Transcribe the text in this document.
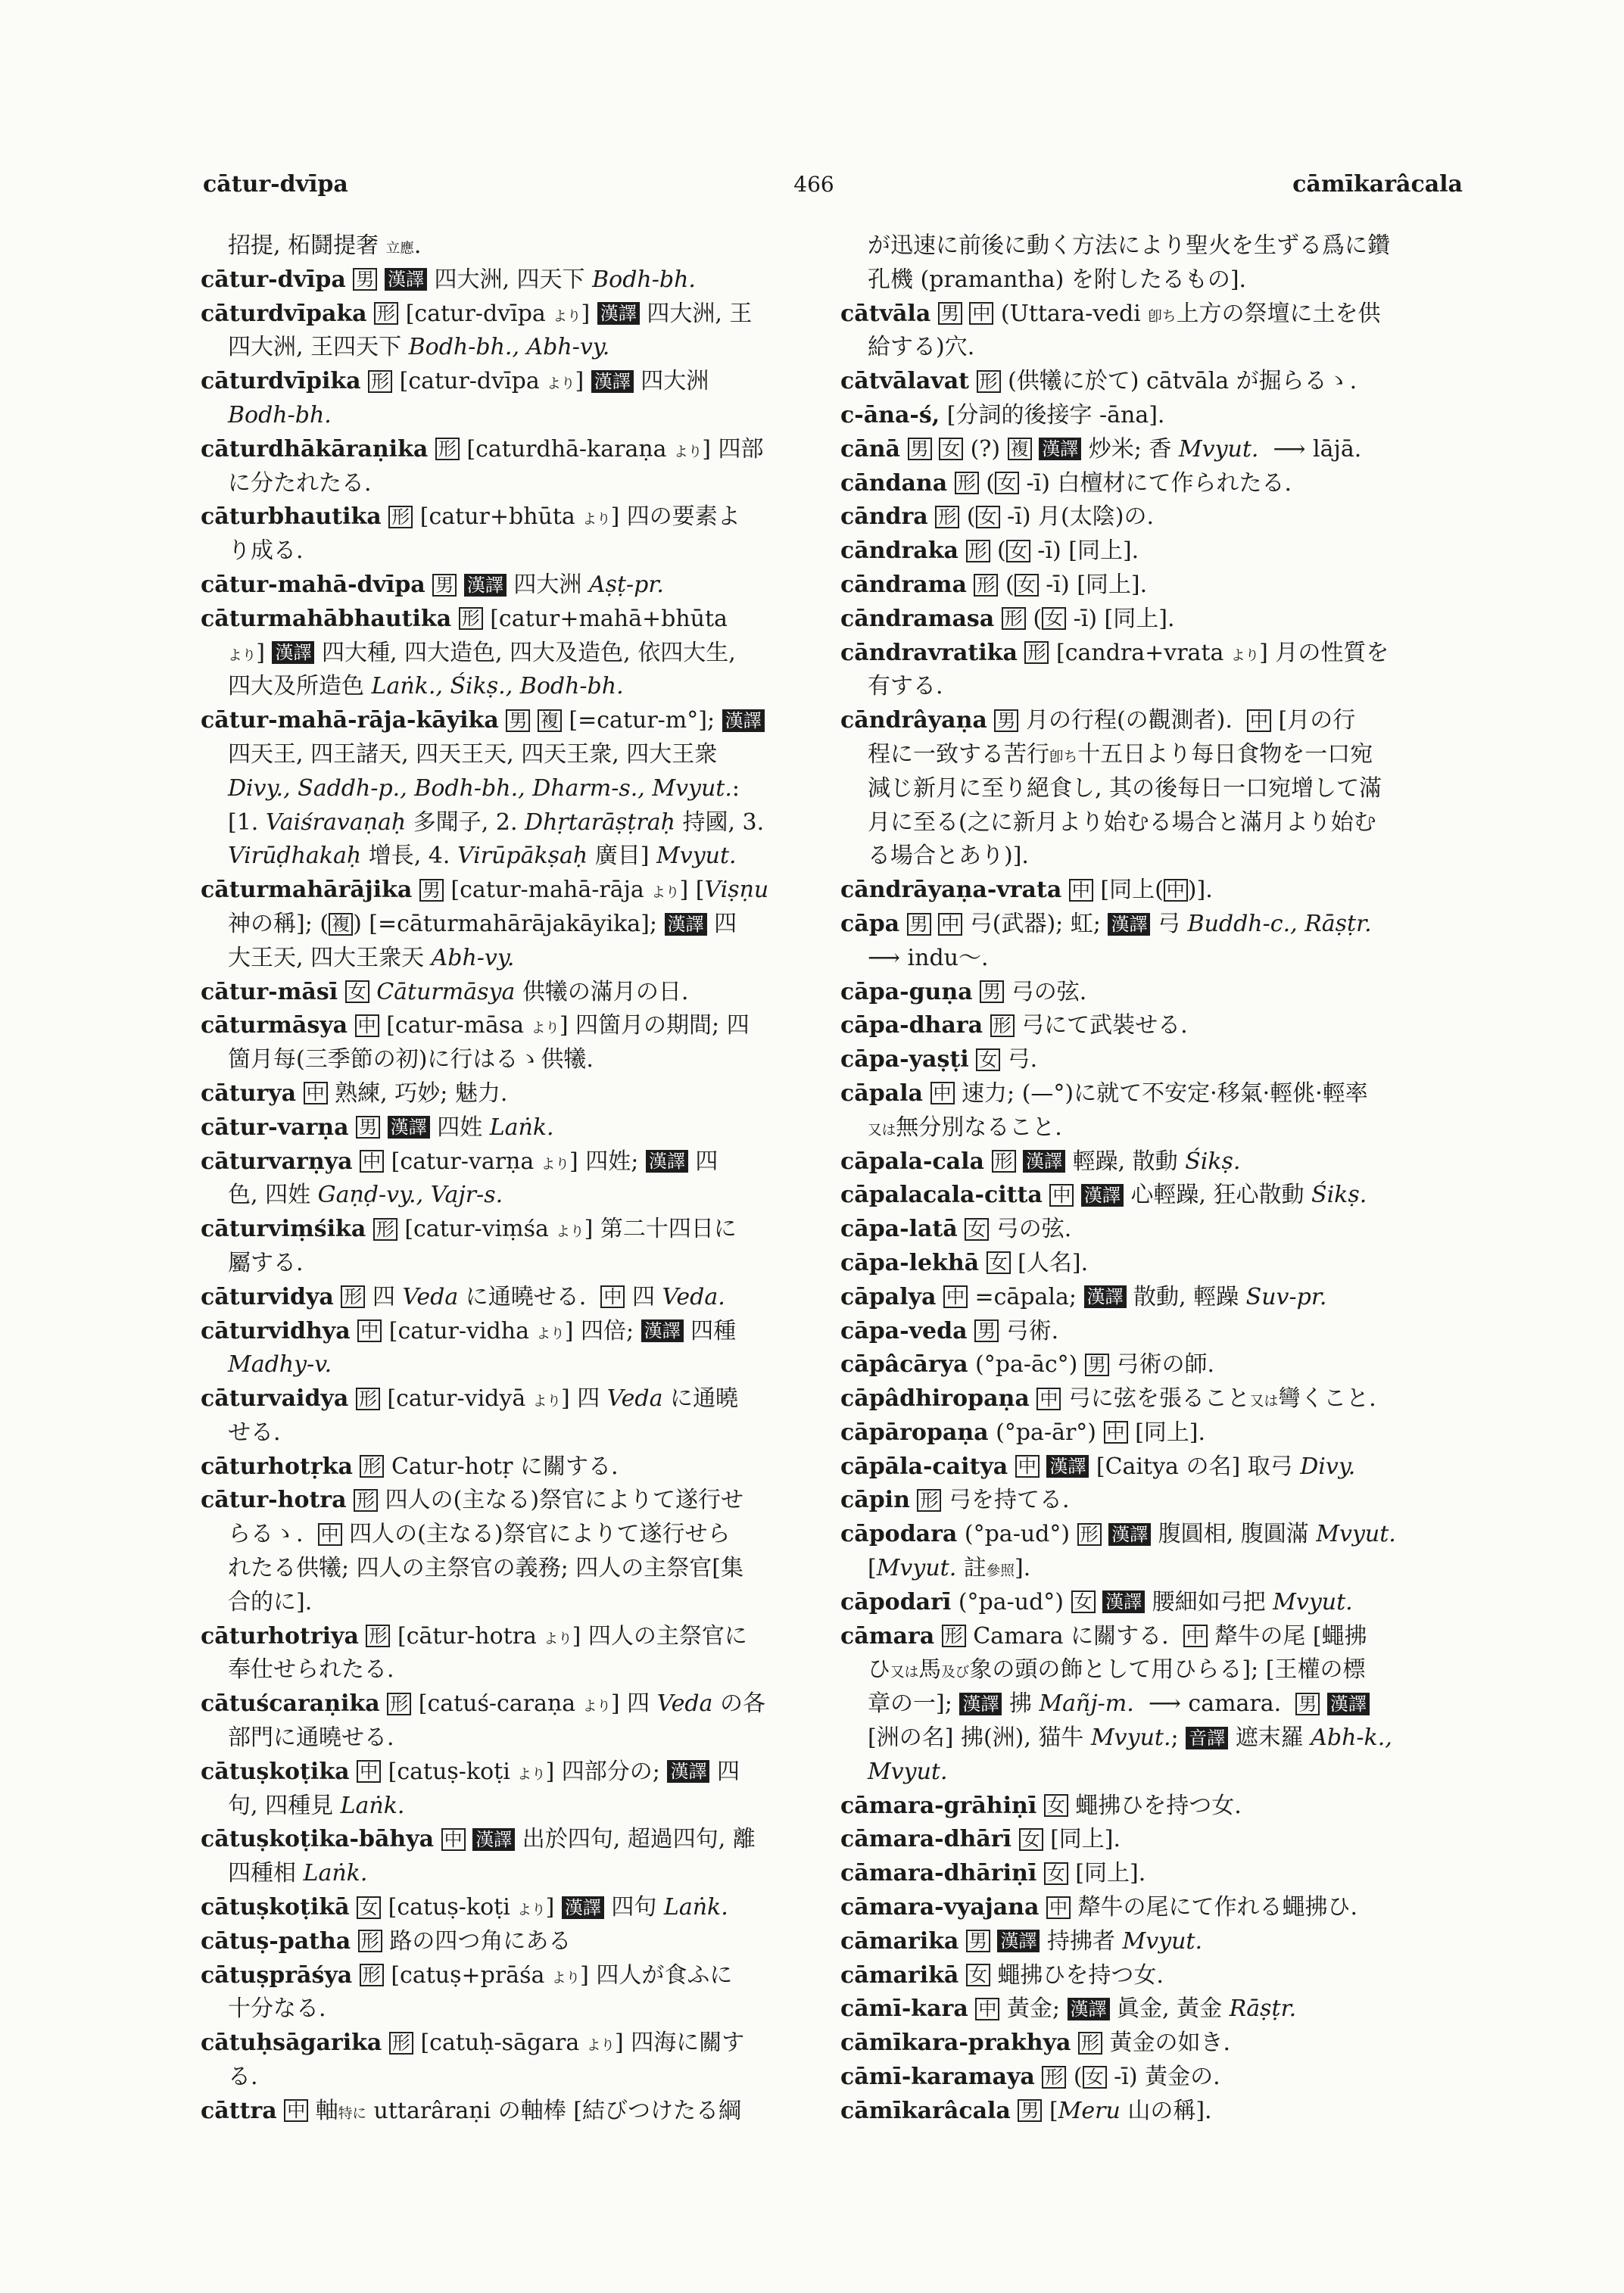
cātur-dvīpa	466	cāmīkarâcala
招提, 柘鬪提奢 立應.
cātur-dvīpa 男 漢譯 四大洲, 四天下 Bodh-bh.
cāturdvīpaka 形 [catur-dvīpa より] 漢譯 四大洲, 王
四大洲, 王四天下 Bodh-bh., Abh-vy.
cāturdvīpika 形 [catur-dvīpa より] 漢譯 四大洲
Bodh-bh.
cāturdhākāraṇika 形 [caturdhā-karaṇa より] 四部
に分たれたる.
cāturbhautika 形 [catur+bhūta より] 四の要素よ
り成る.
cātur-mahā-dvīpa 男 漢譯 四大洲 Aṣṭ-pr.
cāturmahābhautika 形 [catur+mahā+bhūta
より] 漢譯 四大種, 四大造色, 四大及造色, 依四大生,
四大及所造色 Laṅk., Śikṣ., Bodh-bh.
cātur-mahā-rāja-kāyika 男 複 [=catur-m°]; 漢譯
四天王, 四王諸天, 四天王天, 四天王衆, 四大王衆
Divy., Saddh-p., Bodh-bh., Dharm-s., Mvyut.:
[1. Vaiśravaṇaḥ 多聞子, 2. Dhṛtarāṣṭraḥ 持國, 3.
Virūḍhakaḥ 增長, 4. Virūpākṣaḥ 廣目] Mvyut.
cāturmahārājika 男 [catur-mahā-rāja より] [Viṣṇu
神の稱]; ( 複 ) [=cāturmahārājakāyika]; 漢譯 四
大王天, 四大王衆天 Abh-vy.
cātur-māsī 女 Cāturmāsya 供犧の滿月の日.
cāturmāsya 中 [catur-māsa より] 四箇月の期間; 四
箇月每(三季節の初)に行はるゝ供犧.
cāturya 中 熟練, 巧妙; 魅力.
cātur-varṇa 男 漢譯 四姓 Laṅk.
cāturvarṇya 中 [catur-varṇa より] 四姓; 漢譯 四
色, 四姓 Gaṇḍ-vy., Vajr-s.
cāturviṃśika 形 [catur-viṃśa より] 第二十四日に
屬する.
cāturvidya 形 四 Veda に通曉せる.  中 四 Veda.
cāturvidhya 中 [catur-vidha より] 四倍; 漢譯 四種
Madhy-v.
cāturvaidya 形 [catur-vidyā より] 四 Veda に通曉
せる.
cāturhotṛka 形 Catur-hotṛ に關する.
cātur-hotra 形 四人の(主なる)祭官によりて遂行せ
らるゝ.  中 四人の(主なる)祭官によりて遂行せら
れたる供犧; 四人の主祭官の義務; 四人の主祭官[集
合的に].
cāturhotriya 形 [cātur-hotra より] 四人の主祭官に
奉仕せられたる.
cātuścaraṇika 形 [catuś-caraṇa より] 四 Veda の各
部門に通曉せる.
cātuṣkoṭika 中 [catuṣ-koṭi より] 四部分の; 漢譯 四
句, 四種見 Laṅk.
cātuṣkoṭika-bāhya 中 漢譯 出於四句, 超過四句, 離
四種相 Laṅk.
cātuṣkoṭikā 女 [catuṣ-koṭi より] 漢譯 四句 Laṅk.
cātuṣ-patha 形 路の四つ角にある
cātuṣprāśya 形 [catuṣ+prāśa より] 四人が食ふに
十分なる.
cātuḥsāgarika 形 [catuḥ-sāgara より] 四海に關す
る.
cāttra 中 軸特に uttarâraṇi の軸棒 [結びつけたる綱
が迅速に前後に動く方法により聖火を生ずる爲に鑽
孔機 (pramantha) を附したるもの].
cātvāla 男 中 (Uttara-vedi 卽ち上方の祭壇に土を供
給する)穴.
cātvālavat 形 (供犧に於て) cātvāla が掘らるゝ.
c-āna-ś, [分詞的後接字 -āna].
cānā 男 女 (?) 複 漢譯 炒米; 香 Mvyut.  ⟶ lājā.
cāndana 形 ( 女 -ī) 白檀材にて作られたる.
cāndra 形 ( 女 -ī) 月(太陰)の.
cāndraka 形 ( 女 -ī) [同上].
cāndrama 形 ( 女 -ī) [同上].
cāndramasa 形 ( 女 -ī) [同上].
cāndravratika 形 [candra+vrata より] 月の性質を
有する.
cāndrâyaṇa 男 月の行程(の觀測者).  中 [月の行
程に一致する苦行卽ち十五日より每日食物を一口宛
減じ新月に至り絕食し, 其の後每日一口宛增して滿
月に至る(之に新月より始むる場合と滿月より始む
る場合とあり)].
cāndrāyaṇa-vrata 中 [同上( 中 )].
cāpa 男 中 弓(武器); 虹; 漢譯 弓 Buddh-c., Rāṣṭr.
⟶ indu〜.
cāpa-guṇa 男 弓の弦.
cāpa-dhara 形 弓にて武裝せる.
cāpa-yaṣṭi 女 弓.
cāpala 中 速力; (—°)に就て不安定·移氣·輕佻·輕率
又は無分別なること.
cāpala-cala 形 漢譯 輕躁, 散動 Śikṣ.
cāpalacala-citta 中 漢譯 心輕躁, 狂心散動 Śikṣ.
cāpa-latā 女 弓の弦.
cāpa-lekhā 女 [人名].
cāpalya 中 =cāpala; 漢譯 散動, 輕躁 Suv-pr.
cāpa-veda 男 弓術.
cāpâcārya (°pa-āc°) 男 弓術の師.
cāpâdhiropaṇa 中 弓に弦を張ること又は彎くこと.
cāpāropaṇa (°pa-ār°) 中 [同上].
cāpāla-caitya 中 漢譯 [Caitya の名] 取弓 Divy.
cāpin 形 弓を持てる.
cāpodara (°pa-ud°) 形 漢譯 腹圓相, 腹圓滿 Mvyut.
[Mvyut. 註參照].
cāpodarī (°pa-ud°) 女 漢譯 腰細如弓把 Mvyut.
cāmara 形 Camara に關する.  中 犛牛の尾 [蠅拂
ひ又は馬及び象の頭の飾として用ひらる]; [王權の標
章の一]; 漢譯 拂 Mañj-m.  ⟶ camara.  男 漢譯
[洲の名] 拂(洲), 猫牛 Mvyut.; 音譯 遮末羅 Abh-k.,
Mvyut.
cāmara-grāhiṇī 女 蠅拂ひを持つ女.
cāmara-dhārī 女 [同上].
cāmara-dhāriṇī 女 [同上].
cāmara-vyajana 中 犛牛の尾にて作れる蠅拂ひ.
cāmarika 男 漢譯 持拂者 Mvyut.
cāmarikā 女 蠅拂ひを持つ女.
cāmī-kara 中 黃金; 漢譯 眞金, 黃金 Rāṣṭr.
cāmīkara-prakhya 形 黃金の如き.
cāmī-karamaya 形 ( 女 -ī) 黃金の.
cāmīkarâcala 男 [Meru 山の稱].
